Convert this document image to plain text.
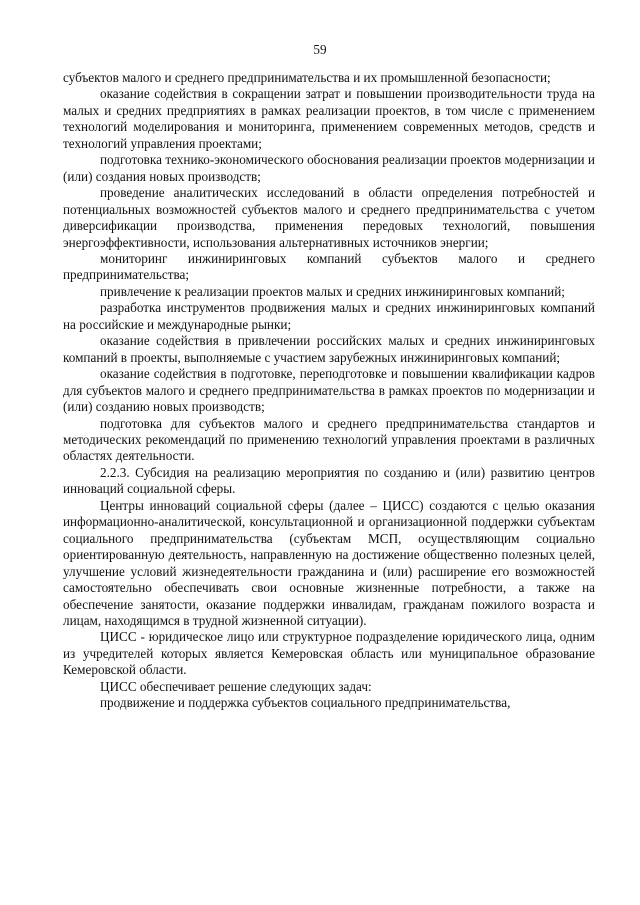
59

субъектов малого и среднего предпринимательства и их промышленной безопасности;

оказание содействия в сокращении затрат и повышении производительности труда на малых и средних предприятиях в рамках реализации проектов, в том числе с применением технологий моделирования и мониторинга, применением современных методов, средств и технологий управления проектами;

подготовка технико-экономического обоснования реализации проектов модернизации и (или) создания новых производств;

проведение аналитических исследований в области определения потребностей и потенциальных возможностей субъектов малого и среднего предпринимательства с учетом диверсификации производства, применения передовых технологий, повышения энергоэффективности, использования альтернативных источников энергии;

мониторинг инжиниринговых компаний субъектов малого и среднего предпринимательства;

привлечение к реализации проектов малых и средних инжиниринговых компаний;

разработка инструментов продвижения малых и средних инжиниринговых компаний на российские и международные рынки;

оказание содействия в привлечении российских малых и средних инжиниринговых компаний в проекты, выполняемые с участием зарубежных инжиниринговых компаний;

оказание содействия в подготовке, переподготовке и повышении квалификации кадров для субъектов малого и среднего предпринимательства в рамках проектов по модернизации и (или) созданию новых производств;

подготовка для субъектов малого и среднего предпринимательства стандартов и методических рекомендаций по применению технологий управления проектами в различных областях деятельности.

2.2.3. Субсидия на реализацию мероприятия по созданию и (или) развитию центров инноваций социальной сферы.

Центры инноваций социальной сферы (далее – ЦИСС) создаются с целью оказания информационно-аналитической, консультационной и организационной поддержки субъектам социального предпринимательства (субъектам МСП, осуществляющим социально ориентированную деятельность, направленную на достижение общественно полезных целей, улучшение условий жизнедеятельности гражданина и (или) расширение его возможностей самостоятельно обеспечивать свои основные жизненные потребности, а также на обеспечение занятости, оказание поддержки инвалидам, гражданам пожилого возраста и лицам, находящимся в трудной жизненной ситуации).

ЦИСС - юридическое лицо или структурное подразделение юридического лица, одним из учредителей которых является Кемеровская область или муниципальное образование Кемеровской области.

ЦИСС обеспечивает решение следующих задач:

продвижение и поддержка субъектов социального предпринимательства,
